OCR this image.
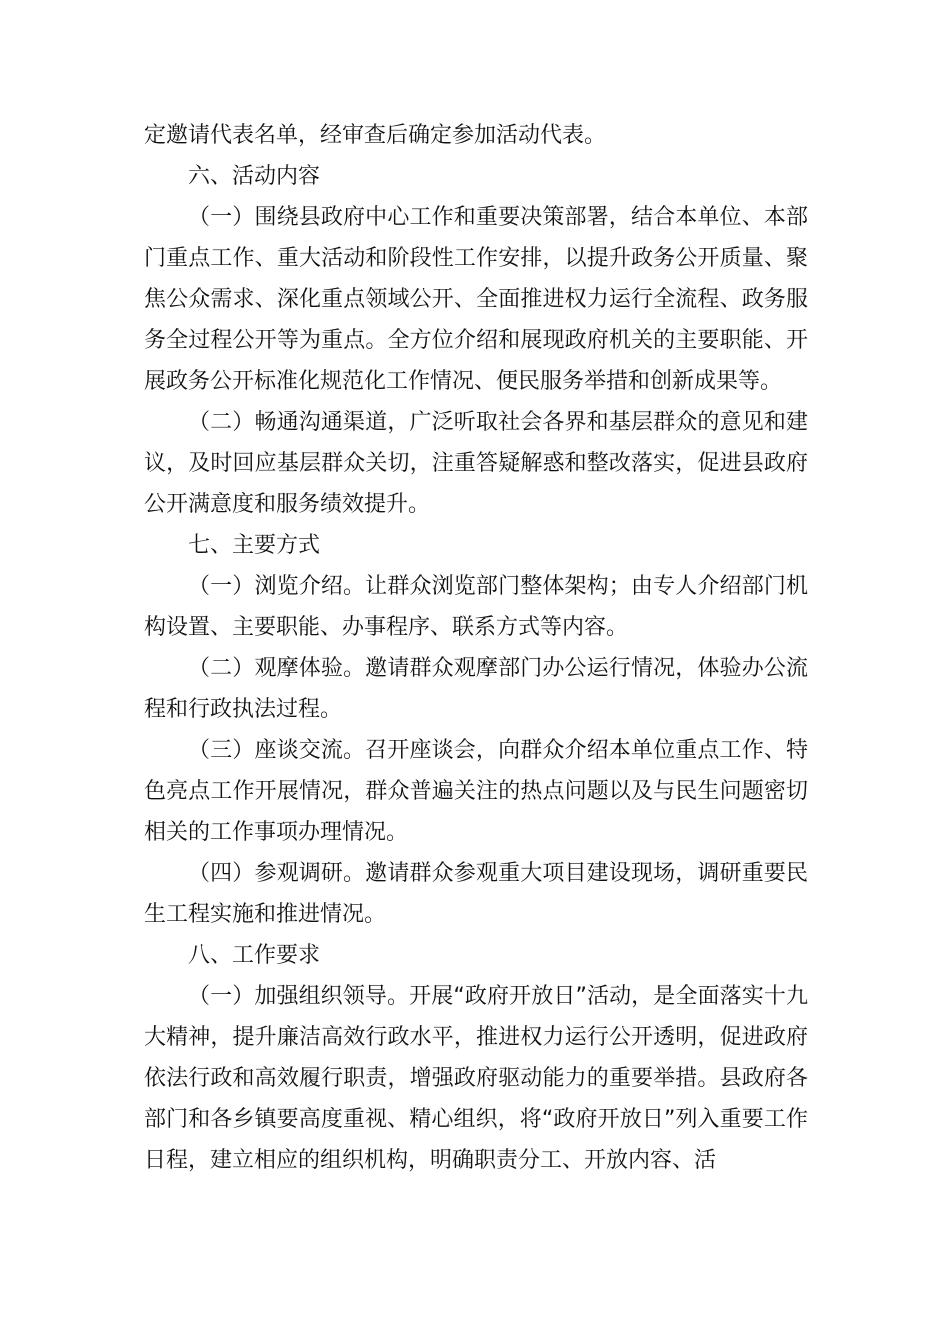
定邀请代表名单，经审查后确定参加活动代表。

六、活动内容

（一）围绕县政府中心工作和重要决策部署，结合本单位、本部门重点工作、重大活动和阶段性工作安排，以提升政务公开质量、聚焦公众需求、深化重点领域公开、全面推进权力运行全流程、政务服务全过程公开等为重点。全方位介绍和展现政府机关的主要职能、开展政务公开标准化规范化工作情况、便民服务举措和创新成果等。

（二）畅通沟通渠道，广泛听取社会各界和基层群众的意见和建议，及时回应基层群众关切，注重答疑解惑和整改落实，促进县政府公开满意度和服务绩效提升。

七、主要方式

（一）浏览介绍。让群众浏览部门整体架构；由专人介绍部门机构设置、主要职能、办事程序、联系方式等内容。

（二）观摩体验。邀请群众观摩部门办公运行情况，体验办公流程和行政执法过程。

（三）座谈交流。召开座谈会，向群众介绍本单位重点工作、特色亮点工作开展情况，群众普遍关注的热点问题以及与民生问题密切相关的工作事项办理情况。

（四）参观调研。邀请群众参观重大项目建设现场，调研重要民生工程实施和推进情况。

八、工作要求

（一）加强组织领导。开展“政府开放日”活动，是全面落实十九大精神，提升廉洁高效行政水平，推进权力运行公开透明，促进政府依法行政和高效履行职责，增强政府驱动能力的重要举措。县政府各部门和各乡镇要高度重视、精心组织，将“政府开放日”列入重要工作日程，建立相应的组织机构，明确职责分工、开放内容、活
